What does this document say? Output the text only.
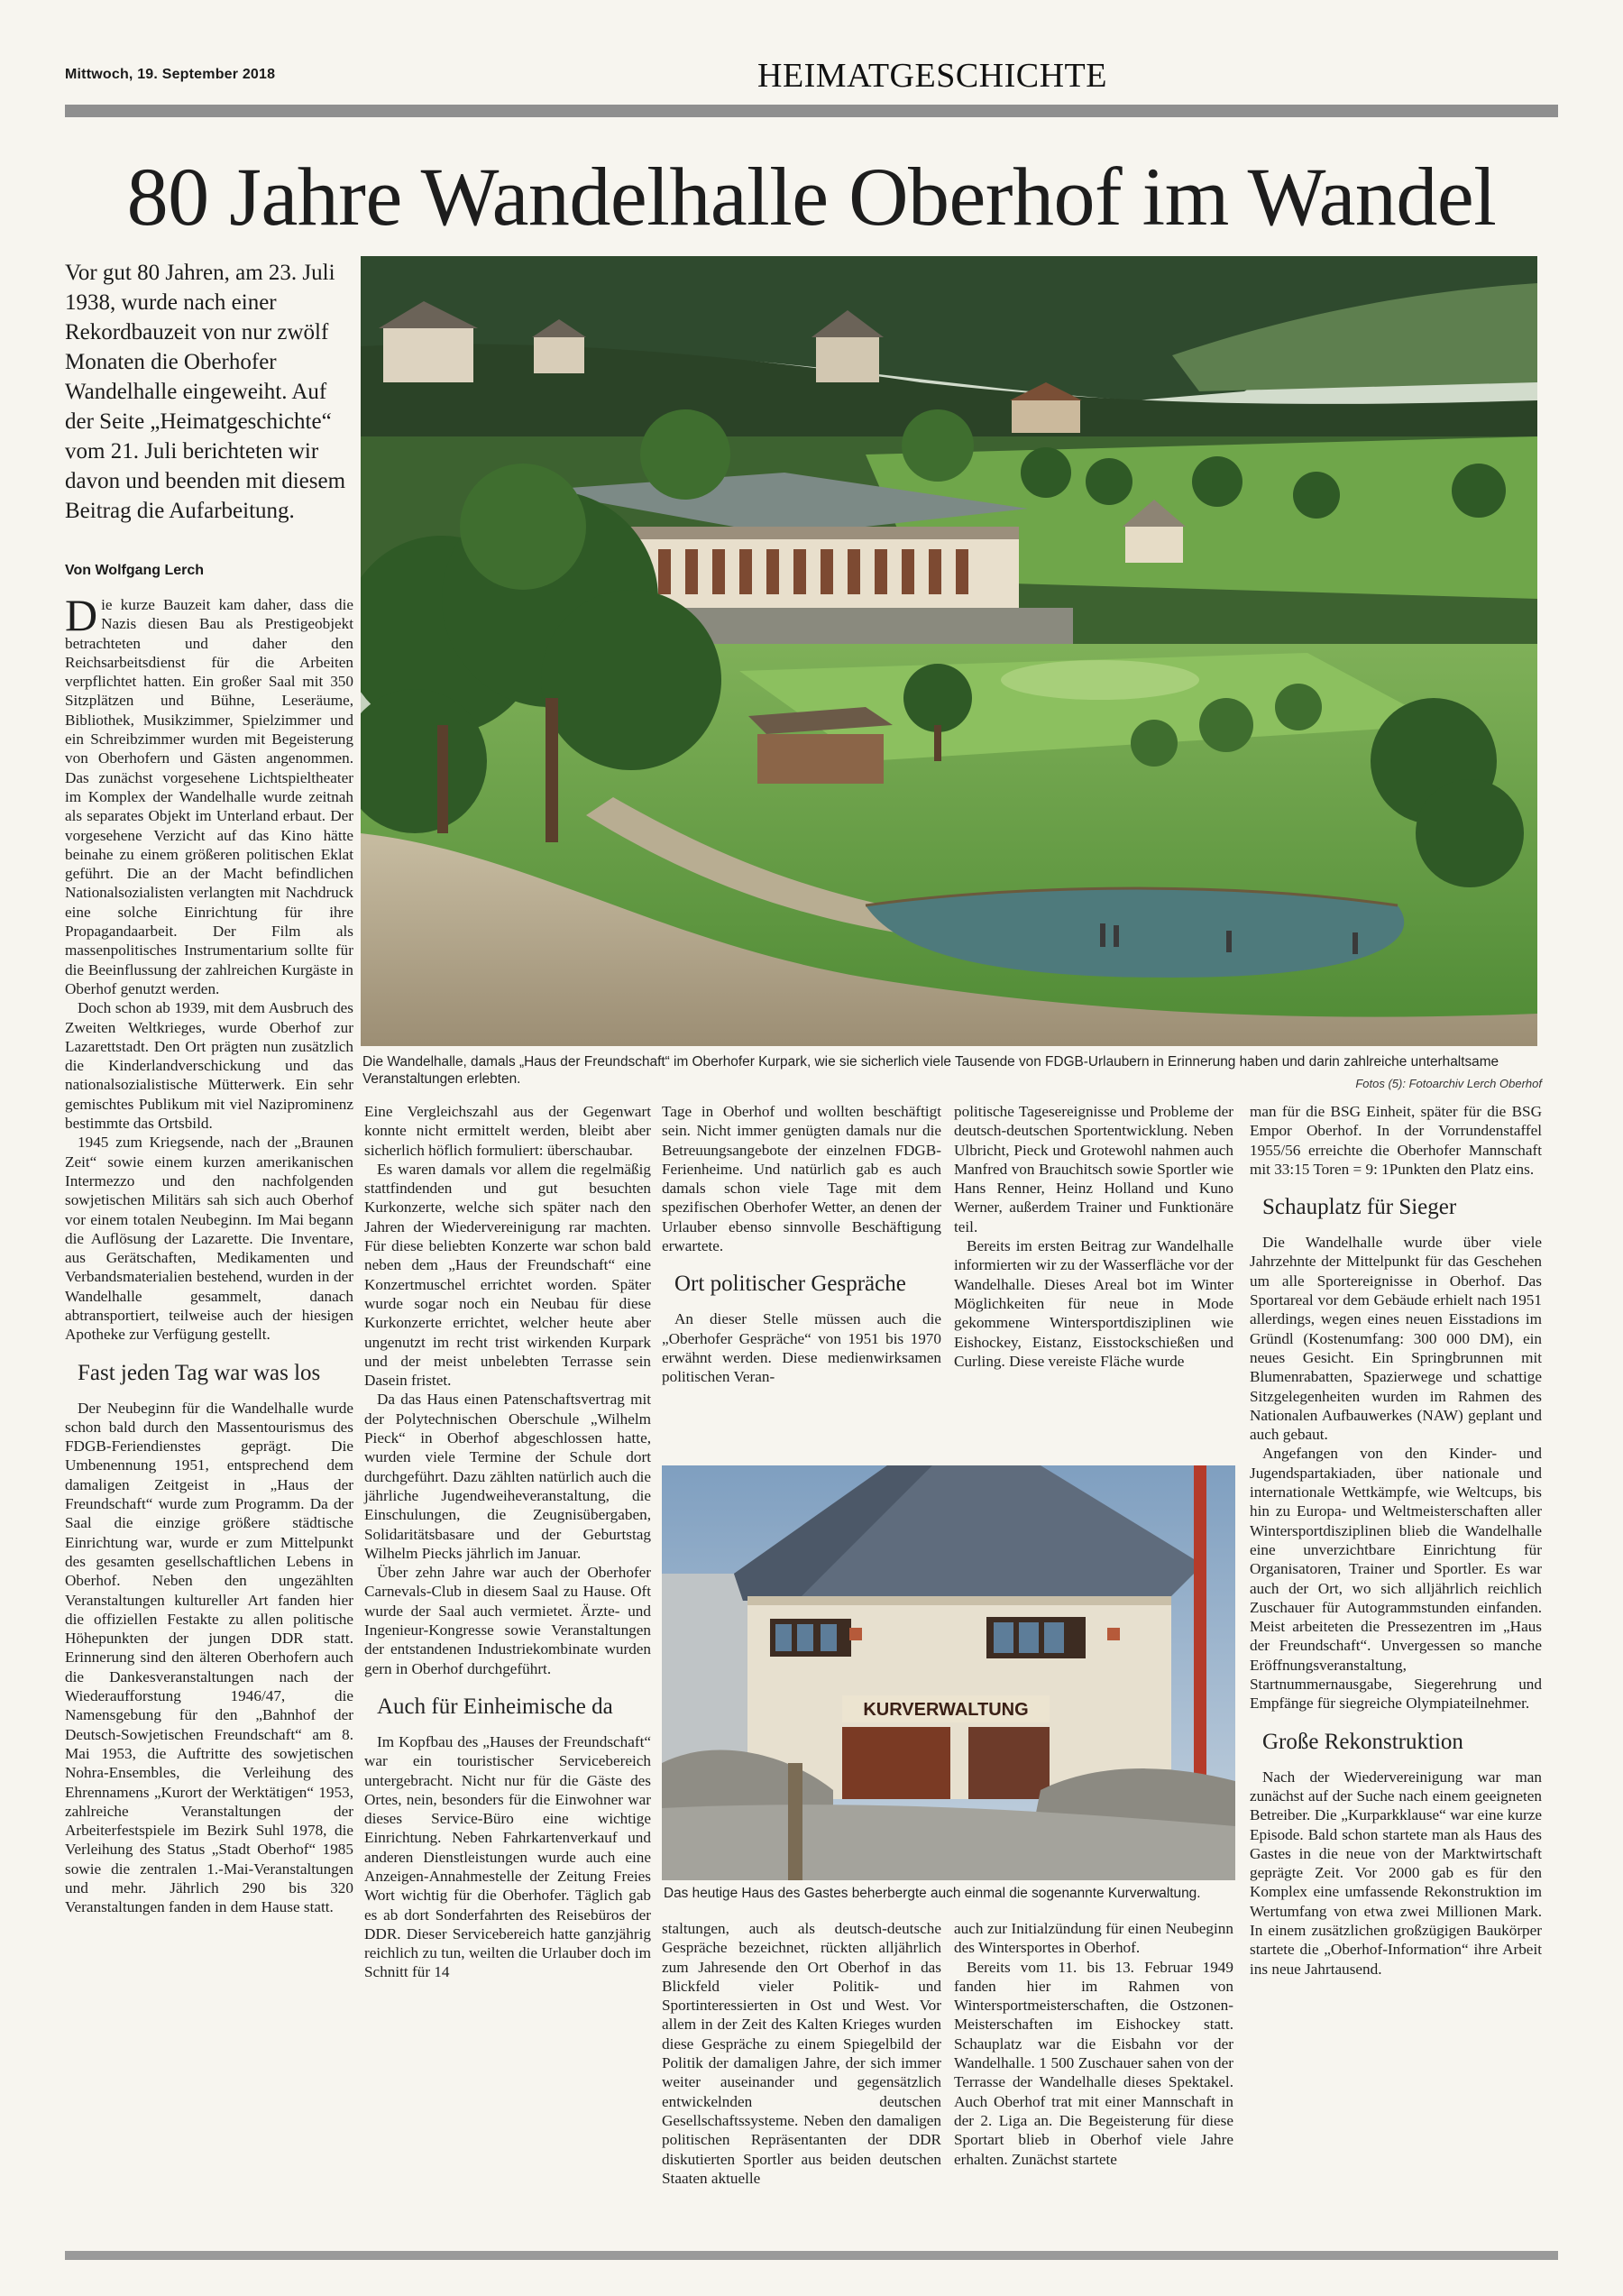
Mittwoch, 19. September 2018	HEIMATGESCHICHTE
80 Jahre Wandelhalle Oberhof im Wandel
Vor gut 80 Jahren, am 23. Juli 1938, wurde nach einer Rekordbauzeit von nur zwölf Monaten die Oberhofer Wandelhalle eingeweiht. Auf der Seite „Heimatgeschichte“ vom 21. Juli berichteten wir davon und beenden mit diesem Beitrag die Aufarbeitung.
Von Wolfgang Lerch
Die Wandelhalle, damals „Haus der Freundschaft“ im Oberhofer Kurpark, wie sie sicherlich viele Tausende von FDGB-Urlaubern in Erinnerung haben und darin zahlreiche unterhaltsame Veranstaltungen erlebten.	Fotos (5): Fotoarchiv Lerch Oberhof
KURVERWALTUNG
Das heutige Haus des Gastes beherbergte auch einmal die sogenannte Kurverwaltung.

Die kurze Bauzeit kam daher, dass die Nazis diesen Bau als Prestigeobjekt betrachteten und daher den Reichsarbeitsdienst für die Arbeiten verpflichtet hatten. Ein großer Saal mit 350 Sitzplätzen und Bühne, Leseräume, Bibliothek, Musikzimmer, Spielzimmer und ein Schreibzimmer wurden mit Begeisterung von Oberhofern und Gästen angenommen. Das zunächst vorgesehene Lichtspieltheater im Komplex der Wandelhalle wurde zeitnah als separates Objekt im Unterland erbaut. Der vorgesehene Verzicht auf das Kino hätte beinahe zu einem größeren politischen Eklat geführt. Die an der Macht befindlichen Nationalsozialisten verlangten mit Nachdruck eine solche Einrichtung für ihre Propagandaarbeit. Der Film als massenpolitisches Instrumentarium sollte für die Beeinflussung der zahlreichen Kurgäste in Oberhof genutzt werden.

Doch schon ab 1939, mit dem Ausbruch des Zweiten Weltkrieges, wurde Oberhof zur Lazarettstadt. Den Ort prägten nun zusätzlich die Kinderlandverschickung und das nationalsozialistische Mütterwerk. Ein sehr gemischtes Publikum mit viel Naziprominenz bestimmte das Ortsbild.

1945 zum Kriegsende, nach der „Braunen Zeit“ sowie einem kurzen amerikanischen Intermezzo und den nachfolgenden sowjetischen Militärs sah sich auch Oberhof vor einem totalen Neubeginn. Im Mai begann die Auflösung der Lazarette. Die Inventare, aus Gerätschaften, Medikamenten und Verbandsmaterialien bestehend, wurden in der Wandelhalle gesammelt, danach abtransportiert, teilweise auch der hiesigen Apotheke zur Verfügung gestellt.

Fast jeden Tag war was los

Der Neubeginn für die Wandelhalle wurde schon bald durch den Massentourismus des FDGB-Feriendienstes geprägt. Die Umbenennung 1951, entsprechend dem damaligen Zeitgeist in „Haus der Freundschaft“ wurde zum Programm. Da der Saal die einzige größere städtische Einrichtung war, wurde er zum Mittelpunkt des gesamten gesellschaftlichen Lebens in Oberhof. Neben den ungezählten Veranstaltungen kultureller Art fanden hier die offiziellen Festakte zu allen politische Höhepunkten der jungen DDR statt. Erinnerung sind den älteren Oberhofern auch die Dankesveranstaltungen nach der Wiederaufforstung 1946/47, die Namensgebung für den „Bahnhof der Deutsch-Sowjetischen Freundschaft“ am 8. Mai 1953, die Auftritte des sowjetischen Nohra-Ensembles, die Verleihung des Ehrennamens „Kurort der Werktätigen“ 1953, zahlreiche Veranstaltungen der Arbeiterfestspiele im Bezirk Suhl 1978, die Verleihung des Status „Stadt Oberhof“ 1985 sowie die zentralen 1.-Mai-Veranstaltungen und mehr. Jährlich 290 bis 320 Veranstaltungen fanden in dem Hause statt.

Eine Vergleichszahl aus der Gegenwart konnte nicht ermittelt werden, bleibt aber sicherlich höflich formuliert: überschaubar.

Es waren damals vor allem die regelmäßig stattfindenden und gut besuchten Kurkonzerte, welche sich später nach den Jahren der Wiedervereinigung rar machten. Für diese beliebten Konzerte war schon bald neben dem „Haus der Freundschaft“ eine Konzertmuschel errichtet worden. Später wurde sogar noch ein Neubau für diese Kurkonzerte errichtet, welcher heute aber ungenutzt im recht trist wirkenden Kurpark und der meist unbelebten Terrasse sein Dasein fristet.

Da das Haus einen Patenschaftsvertrag mit der Polytechnischen Oberschule „Wilhelm Pieck“ in Oberhof abgeschlossen hatte, wurden viele Termine der Schule dort durchgeführt. Dazu zählten natürlich auch die jährliche Jugendweiheveranstaltung, die Einschulungen, die Zeugnisübergaben, Solidaritätsbasare und der Geburtstag Wilhelm Piecks jährlich im Januar.

Über zehn Jahre war auch der Oberhofer Carnevals-Club in diesem Saal zu Hause. Oft wurde der Saal auch vermietet. Ärzte- und Ingenieur-Kongresse sowie Veranstaltungen der entstandenen Industriekombinate wurden gern in Oberhof durchgeführt.

Auch für Einheimische da

Im Kopfbau des „Hauses der Freundschaft“ war ein touristischer Servicebereich untergebracht. Nicht nur für die Gäste des Ortes, nein, besonders für die Einwohner war dieses Service-Büro eine wichtige Einrichtung. Neben Fahrkartenverkauf und anderen Dienstleistungen wurde auch eine Anzeigen-Annahmestelle der Zeitung Freies Wort wichtig für die Oberhofer. Täglich gab es ab dort Sonderfahrten des Reisebüros der DDR. Dieser Servicebereich hatte ganzjährig reichlich zu tun, weilten die Urlauber doch im Schnitt für 14

Tage in Oberhof und wollten beschäftigt sein. Nicht immer genügten damals nur die Betreuungsangebote der einzelnen FDGB-Ferienheime. Und natürlich gab es auch damals schon viele Tage mit dem spezifischen Oberhofer Wetter, an denen der Urlauber ebenso sinnvolle Beschäftigung erwartete.

Ort politischer Gespräche

An dieser Stelle müssen auch die „Oberhofer Gespräche“ von 1951 bis 1970 erwähnt werden. Diese medienwirksamen politischen Veran-

staltungen, auch als deutsch-deutsche Gespräche bezeichnet, rückten alljährlich zum Jahresende den Ort Oberhof in das Blickfeld vieler Politik- und Sportinteressierten in Ost und West. Vor allem in der Zeit des Kalten Krieges wurden diese Gespräche zu einem Spiegelbild der Politik der damaligen Jahre, der sich immer weiter auseinander und gegensätzlich entwickelnden deutschen Gesellschaftssysteme. Neben den damaligen politischen Repräsentanten der DDR diskutierten Sportler aus beiden deutschen Staaten aktuelle

politische Tagesereignisse und Probleme der deutsch-deutschen Sportentwicklung. Neben Ulbricht, Pieck und Grotewohl nahmen auch Manfred von Brauchitsch sowie Sportler wie Hans Renner, Heinz Holland und Kuno Werner, außerdem Trainer und Funktionäre teil.

Bereits im ersten Beitrag zur Wandelhalle informierten wir zu der Wasserfläche vor der Wandelhalle. Dieses Areal bot im Winter Möglichkeiten für neue in Mode gekommene Wintersportdisziplinen wie Eishockey, Eistanz, Eisstockschießen und Curling. Diese vereiste Fläche wurde

auch zur Initialzündung für einen Neubeginn des Wintersportes in Oberhof.

Bereits vom 11. bis 13. Februar 1949 fanden hier im Rahmen von Wintersportmeisterschaften, die Ostzonen-Meisterschaften im Eishockey statt. Schauplatz war die Eisbahn vor der Wandelhalle. 1 500 Zuschauer sahen von der Terrasse der Wandelhalle dieses Spektakel. Auch Oberhof trat mit einer Mannschaft in der 2. Liga an. Die Begeisterung für diese Sportart blieb in Oberhof viele Jahre erhalten. Zunächst startete

man für die BSG Einheit, später für die BSG Empor Oberhof. In der Vorrundenstaffel 1955/56 erreichte die Oberhofer Mannschaft mit 33:15 Toren = 9: 1Punkten den Platz eins.

Schauplatz für Sieger

Die Wandelhalle wurde über viele Jahrzehnte der Mittelpunkt für das Geschehen um alle Sportereignisse in Oberhof. Das Sportareal vor dem Gebäude erhielt nach 1951 allerdings, wegen eines neuen Eisstadions im Gründl (Kostenumfang: 300 000 DM), ein neues Gesicht. Ein Springbrunnen mit Blumenrabatten, Spazierwege und schattige Sitzgelegenheiten wurden im Rahmen des Nationalen Aufbauwerkes (NAW) geplant und auch gebaut.

Angefangen von den Kinder- und Jugendspartakiaden, über nationale und internationale Wettkämpfe, wie Weltcups, bis hin zu Europa- und Weltmeisterschaften aller Wintersportdisziplinen blieb die Wandelhalle eine unverzichtbare Einrichtung für Organisatoren, Trainer und Sportler. Es war auch der Ort, wo sich alljährlich reichlich Zuschauer für Autogrammstunden einfanden. Meist arbeiteten die Pressezentren im „Haus der Freundschaft“. Unvergessen so manche Eröffnungsveranstaltung, Startnummernausgabe, Siegerehrung und Empfänge für siegreiche Olympiateilnehmer.

Große Rekonstruktion

Nach der Wiedervereinigung war man zunächst auf der Suche nach einem geeigneten Betreiber. Die „Kurparkklause“ war eine kurze Episode. Bald schon startete man als Haus des Gastes in die neue von der Marktwirtschaft geprägte Zeit. Vor 2000 gab es für den Komplex eine umfassende Rekonstruktion im Wertumfang von etwa zwei Millionen Mark. In einem zusätzlichen großzügigen Baukörper startete die „Oberhof-Information“ ihre Arbeit ins neue Jahrtausend.
